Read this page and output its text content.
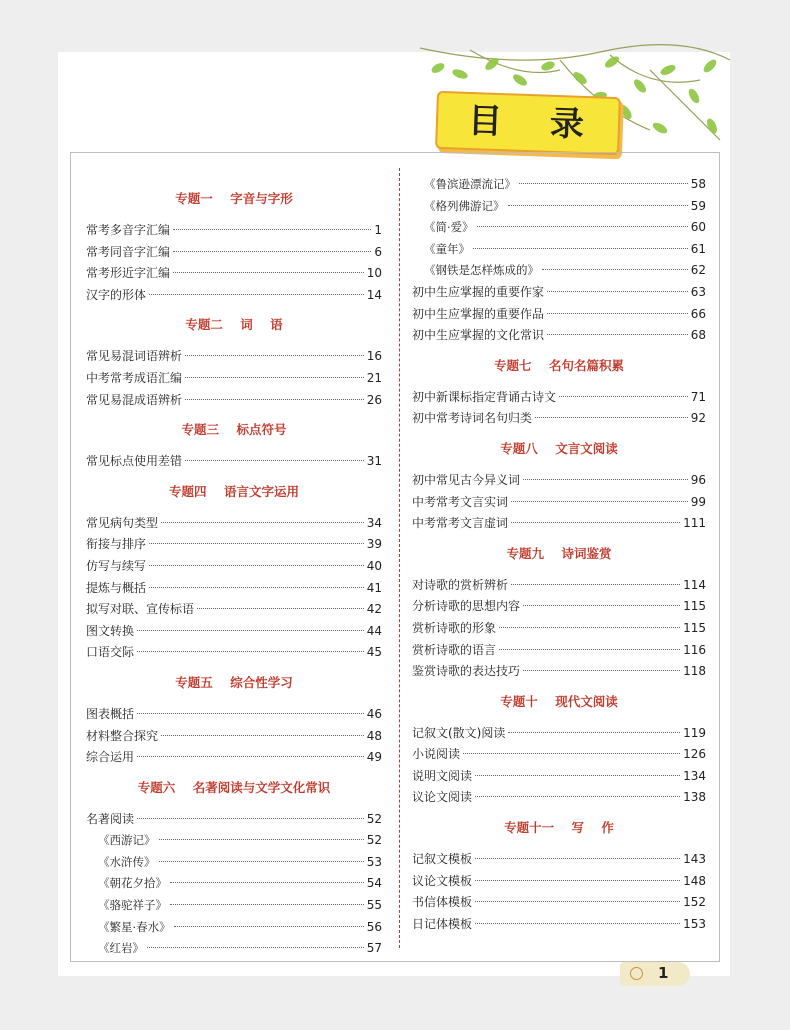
目 录
专题一    字音与字形
常考多音字汇编	1
常考同音字汇编	6
常考形近字汇编	10
汉字的形体	14
专题二    词    语
常见易混词语辨析	16
中考常考成语汇编	21
常见易混成语辨析	26
专题三    标点符号
常见标点使用差错	31
专题四    语言文字运用
常见病句类型	34
衔接与排序	39
仿写与续写	40
提炼与概括	41
拟写对联、宣传标语	42
图文转换	44
口语交际	45
专题五    综合性学习
图表概括	46
材料整合探究	48
综合运用	49
专题六    名著阅读与文学文化常识
名著阅读	52
《西游记》	52
《水浒传》	53
《朝花夕拾》	54
《骆驼祥子》	55
《繁星·春水》	56
《红岩》	57
《鲁滨逊漂流记》	58
《格列佛游记》	59
《简·爱》	60
《童年》	61
《钢铁是怎样炼成的》	62
初中生应掌握的重要作家	63
初中生应掌握的重要作品	66
初中生应掌握的文化常识	68
专题七    名句名篇积累
初中新课标指定背诵古诗文	71
初中常考诗词名句归类	92
专题八    文言文阅读
初中常见古今异义词	96
中考常考文言实词	99
中考常考文言虚词	111
专题九    诗词鉴赏
对诗歌的赏析辨析	114
分析诗歌的思想内容	115
赏析诗歌的形象	115
赏析诗歌的语言	116
鉴赏诗歌的表达技巧	118
专题十    现代文阅读
记叙文(散文)阅读	119
小说阅读	126
说明文阅读	134
议论文阅读	138
专题十一    写    作
记叙文模板	143
议论文模板	148
书信体模板	152
日记体模板	153
1
